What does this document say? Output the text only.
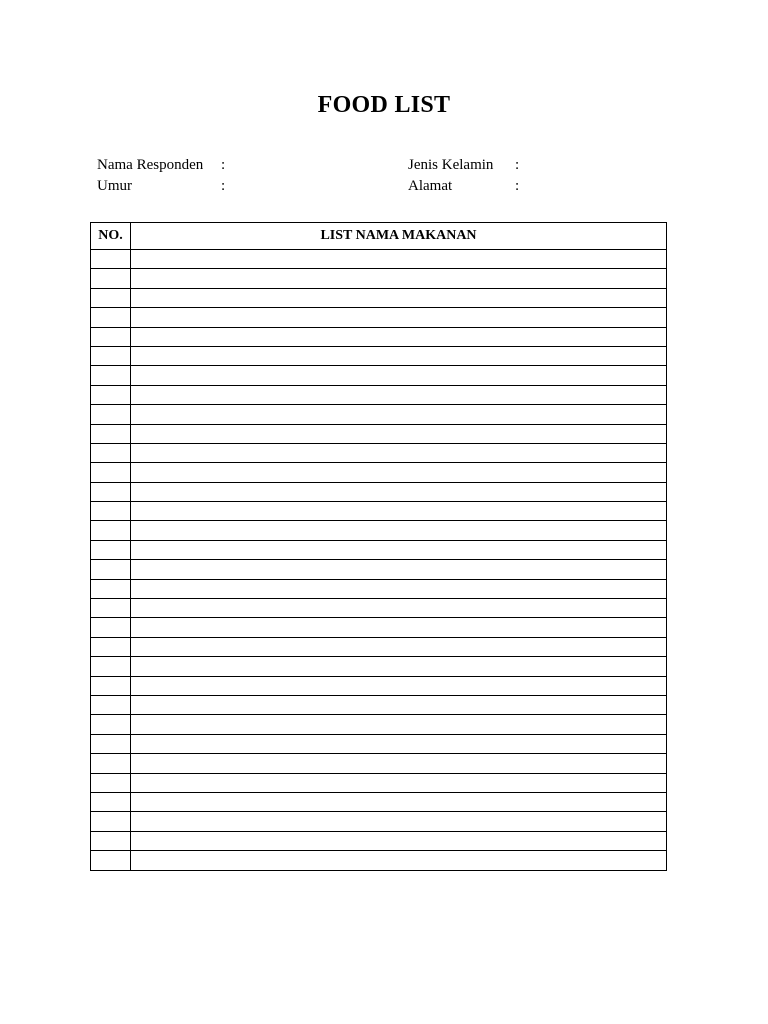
FOOD LIST
Nama Responden :
Umur	:
Jenis Kelamin :
Alamat	:
NO.	LIST NAMA MAKANAN
